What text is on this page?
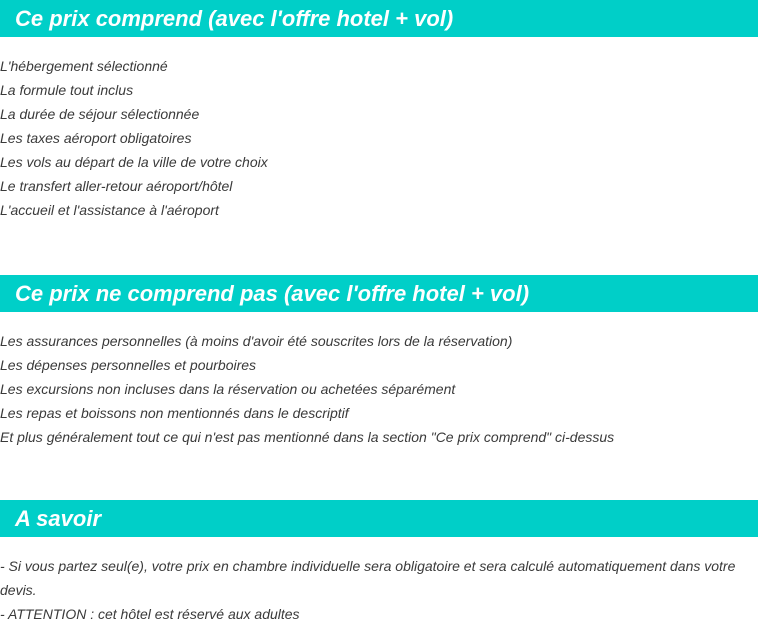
Ce prix comprend (avec l'offre hotel + vol)
L'hébergement sélectionné
La formule tout inclus
La durée de séjour sélectionnée
Les taxes aéroport obligatoires
Les vols au départ de la ville de votre choix
Le transfert aller-retour aéroport/hôtel
L'accueil et l'assistance à l'aéroport
Ce prix ne comprend pas (avec l'offre hotel + vol)
Les assurances personnelles (à moins d'avoir été souscrites lors de la réservation)
Les dépenses personnelles et pourboires
Les excursions non incluses dans la réservation ou achetées séparément
Les repas et boissons non mentionnés dans le descriptif
Et plus généralement tout ce qui n'est pas mentionné dans la section "Ce prix comprend" ci-dessus
A savoir

- Si vous partez seul(e), votre prix en chambre individuelle sera obligatoire et sera calculé automatiquement dans votre devis.

- ATTENTION : cet hôtel est réservé aux adultes
